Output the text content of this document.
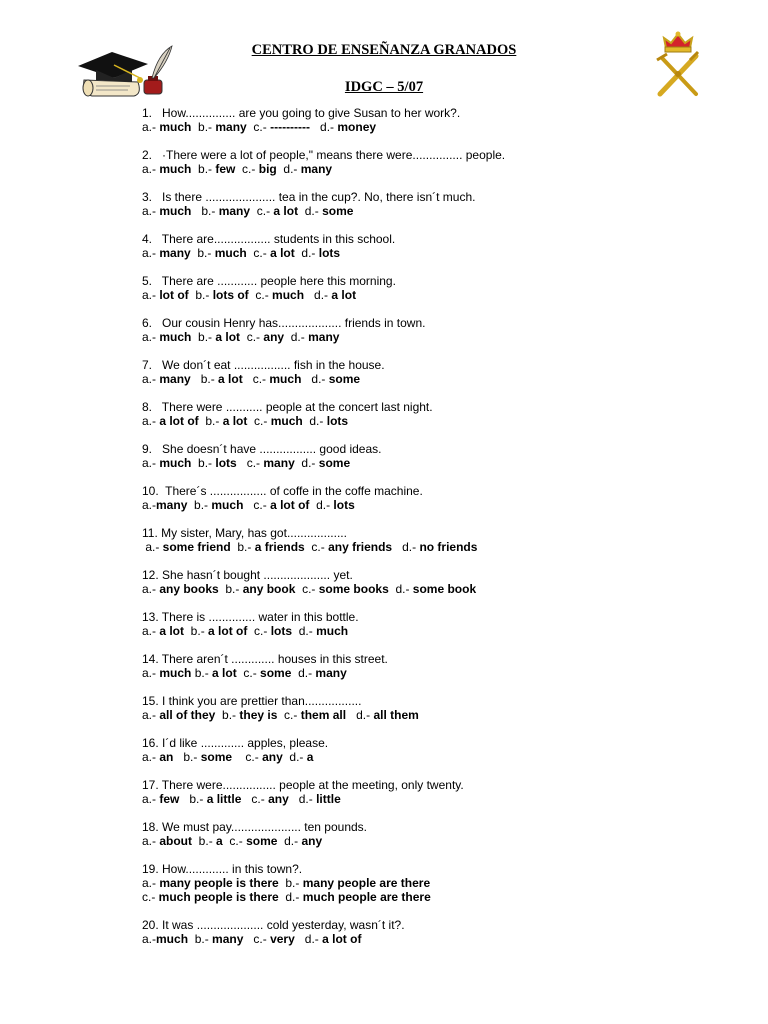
CENTRO DE ENSEÑANZA GRANADOS
IDGC – 5/07
1.   How............... are you going to give Susan to her work?.
a.- much  b.- many  c.- ----------   d.- money
2.   ·There were a lot of people," means there were............... people.
a.- much  b.- few  c.- big  d.- many
3.   Is there ..................... tea in the cup?. No, there isn´t much.
a.- much   b.- many  c.- a lot  d.- some
4.   There are................. students in this school.
a.- many  b.- much  c.- a lot  d.- lots
5.   There are ............ people here this morning.
a.- lot of  b.- lots of  c.- much   d.- a lot
6.   Our cousin Henry has................... friends in town.
a.- much  b.- a lot  c.- any  d.- many
7.   We don´t eat ................. fish in the house.
a.- many   b.- a lot   c.- much   d.- some
8.   There were ........... people at the concert last night.
a.- a lot of  b.- a lot  c.- much  d.- lots
9.   She doesn´t have ................. good ideas.
a.- much  b.- lots   c.- many  d.- some
10.  There´s ................. of coffe in the coffe machine.
a.-many  b.- much   c.- a lot of  d.- lots
11. My sister, Mary, has got..................
a.- some friend  b.- a friends  c.- any friends   d.- no friends
12. She hasn´t bought .................... yet.
a.- any books  b.- any book  c.- some books  d.- some book
13. There is .............. water in this bottle.
a.- a lot  b.- a lot of  c.- lots  d.- much
14. There aren´t ............. houses in this street.
a.- much b.- a lot  c.- some  d.- many
15. I think you are prettier than.................
a.- all of they  b.- they is  c.- them all   d.- all them
16. I´d like ............. apples, please.
a.- an   b.- some    c.- any  d.- a
17. There were................ people at the meeting, only twenty.
a.- few   b.- a little   c.- any   d.- little
18. We must pay..................... ten pounds.
a.- about  b.- a  c.- some  d.- any
19. How............. in this town?.
a.- many people is there  b.- many people are there
c.- much people is there  d.- much people are there
20. It was .................... cold yesterday, wasn´t it?.
a.-much  b.- many   c.- very   d.- a lot of
